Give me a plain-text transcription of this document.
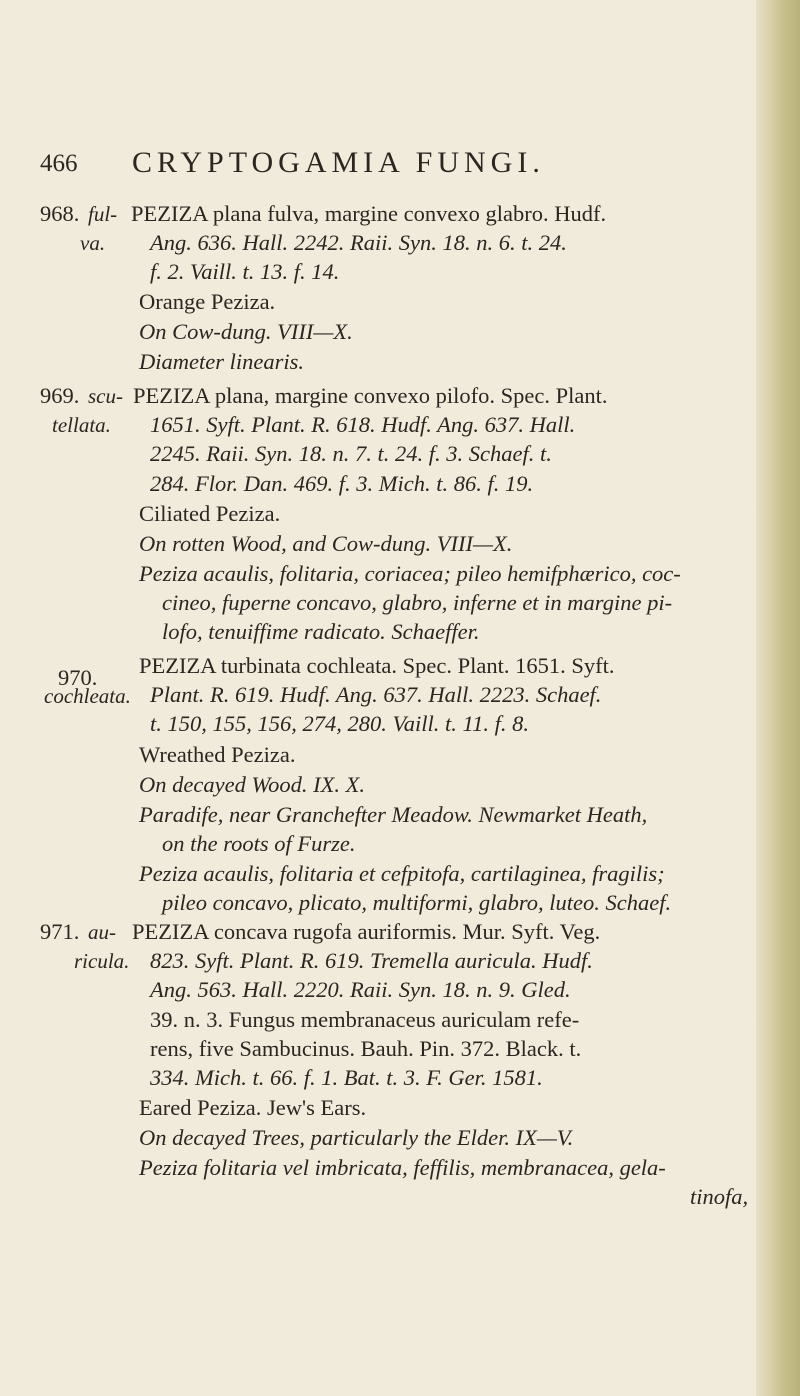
466 CRYPTOGAMIA FUNGI.
968. ful-
va.
PEZIZA plana fulva, margine convexo glabro. Hudf.
Ang. 636. Hall. 2242. Raii. Syn. 18. n. 6. t. 24.
f. 2. Vaill. t. 13. f. 14.
Orange Peziza.
On Cow-dung. VIII—X.
Diameter linearis.
969. scu-
tellata.
PEZIZA plana, margine convexo pilofo. Spec. Plant.
1651. Syft. Plant. R. 618. Hudf. Ang. 637. Hall.
2245. Raii. Syn. 18. n. 7. t. 24. f. 3. Schaef. t.
284. Flor. Dan. 469. f. 3. Mich. t. 86. f. 19.
Ciliated Peziza.
On rotten Wood, and Cow-dung. VIII—X.
Peziza acaulis, folitaria, coriacea; pileo hemifphærico, coc-
cineo, fuperne concavo, glabro, inferne et in margine pi-
lofo, tenuiffime radicato. Schaeffer.
970.
cochleata.
PEZIZA turbinata cochleata. Spec. Plant. 1651. Syft.
Plant. R. 619. Hudf. Ang. 637. Hall. 2223. Schaef.
t. 150, 155, 156, 274, 280. Vaill. t. 11. f. 8.
Wreathed Peziza.
On decayed Wood. IX. X.
Paradife, near Granchefter Meadow. Newmarket Heath,
on the roots of Furze.
Peziza acaulis, folitaria et cefpitofa, cartilaginea, fragilis;
pileo concavo, plicato, multiformi, glabro, luteo. Schaef.
971. au-
ricula.
PEZIZA concava rugofa auriformis. Mur. Syft. Veg.
823. Syft. Plant. R. 619. Tremella auricula. Hudf.
Ang. 563. Hall. 2220. Raii. Syn. 18. n. 9. Gled.
39. n. 3. Fungus membranaceus auriculam refe-
rens, five Sambucinus. Bauh. Pin. 372. Black. t.
334. Mich. t. 66. f. 1. Bat. t. 3. F. Ger. 1581.
Eared Peziza. Jew's Ears.
On decayed Trees, particularly the Elder. IX—V.
Peziza folitaria vel imbricata, feffilis, membranacea, gela-
tinofa,
